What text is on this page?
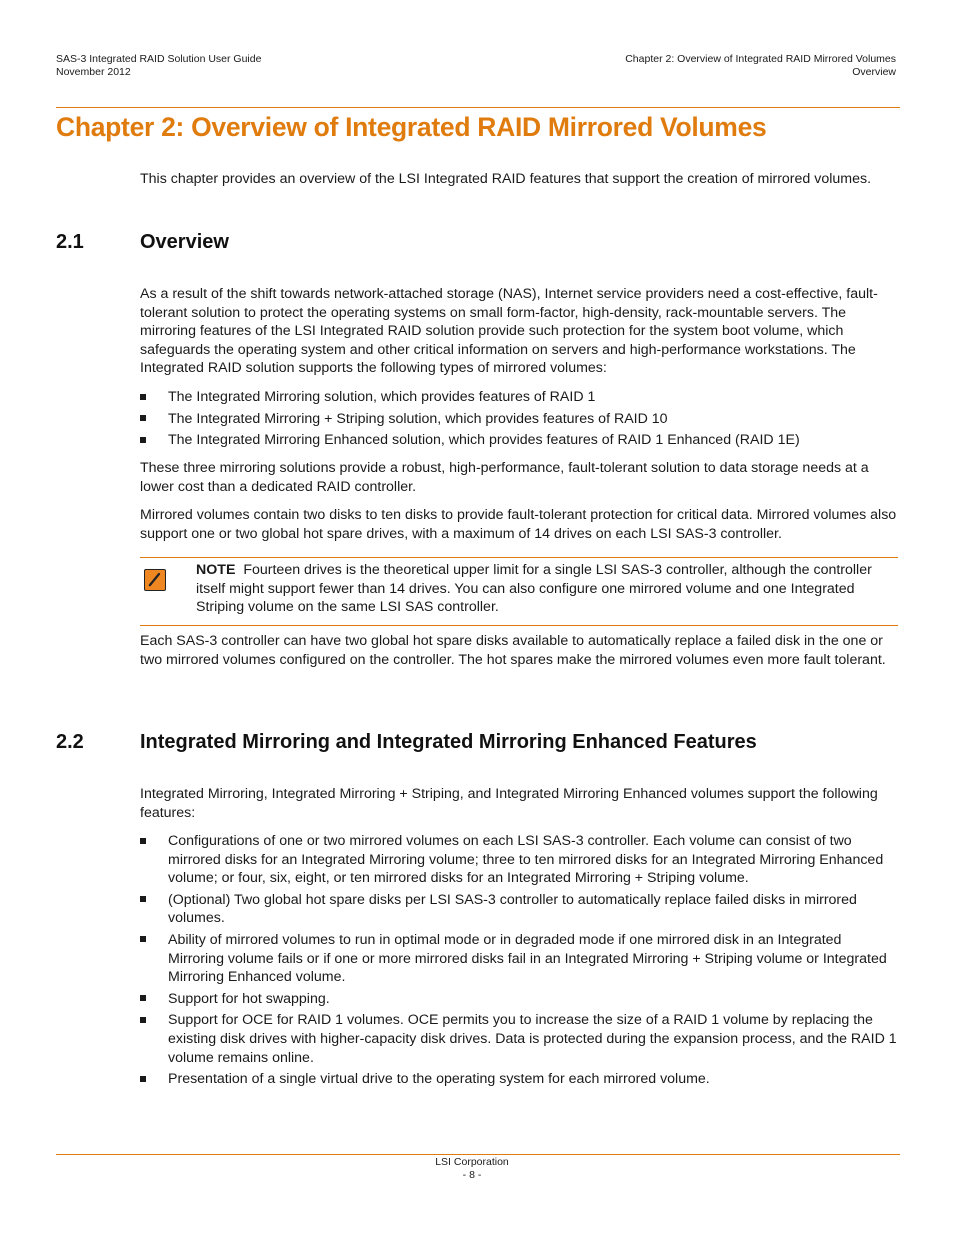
SAS-3 Integrated RAID Solution User Guide
November 2012
Chapter 2: Overview of Integrated RAID Mirrored Volumes
Overview
Chapter 2: Overview of Integrated RAID Mirrored Volumes

This chapter provides an overview of the LSI Integrated RAID features that support the creation of mirrored volumes.

2.1	Overview

As a result of the shift towards network-attached storage (NAS), Internet service providers need a cost-effective, fault-tolerant solution to protect the operating systems on small form-factor, high-density, rack-mountable servers. The mirroring features of the LSI Integrated RAID solution provide such protection for the system boot volume, which safeguards the operating system and other critical information on servers and high-performance workstations. The Integrated RAID solution supports the following types of mirrored volumes:

The Integrated Mirroring solution, which provides features of RAID 1
The Integrated Mirroring + Striping solution, which provides features of RAID 10
The Integrated Mirroring Enhanced solution, which provides features of RAID 1 Enhanced (RAID 1E)

These three mirroring solutions provide a robust, high-performance, fault-tolerant solution to data storage needs at a lower cost than a dedicated RAID controller.

Mirrored volumes contain two disks to ten disks to provide fault-tolerant protection for critical data. Mirrored volumes also support one or two global hot spare drives, with a maximum of 14 drives on each LSI SAS-3 controller.

NOTE Fourteen drives is the theoretical upper limit for a single LSI SAS-3 controller, although the controller itself might support fewer than 14 drives. You can also configure one mirrored volume and one Integrated Striping volume on the same LSI SAS controller.

Each SAS-3 controller can have two global hot spare disks available to automatically replace a failed disk in the one or two mirrored volumes configured on the controller. The hot spares make the mirrored volumes even more fault tolerant.

2.2	Integrated Mirroring and Integrated Mirroring Enhanced Features

Integrated Mirroring, Integrated Mirroring + Striping, and Integrated Mirroring Enhanced volumes support the following features:

Configurations of one or two mirrored volumes on each LSI SAS-3 controller. Each volume can consist of two mirrored disks for an Integrated Mirroring volume; three to ten mirrored disks for an Integrated Mirroring Enhanced volume; or four, six, eight, or ten mirrored disks for an Integrated Mirroring + Striping volume.
(Optional) Two global hot spare disks per LSI SAS-3 controller to automatically replace failed disks in mirrored volumes.
Ability of mirrored volumes to run in optimal mode or in degraded mode if one mirrored disk in an Integrated Mirroring volume fails or if one or more mirrored disks fail in an Integrated Mirroring + Striping volume or Integrated Mirroring Enhanced volume.
Support for hot swapping.
Support for OCE for RAID 1 volumes. OCE permits you to increase the size of a RAID 1 volume by replacing the existing disk drives with higher-capacity disk drives. Data is protected during the expansion process, and the RAID 1 volume remains online.
Presentation of a single virtual drive to the operating system for each mirrored volume.
LSI Corporation
- 8 -
